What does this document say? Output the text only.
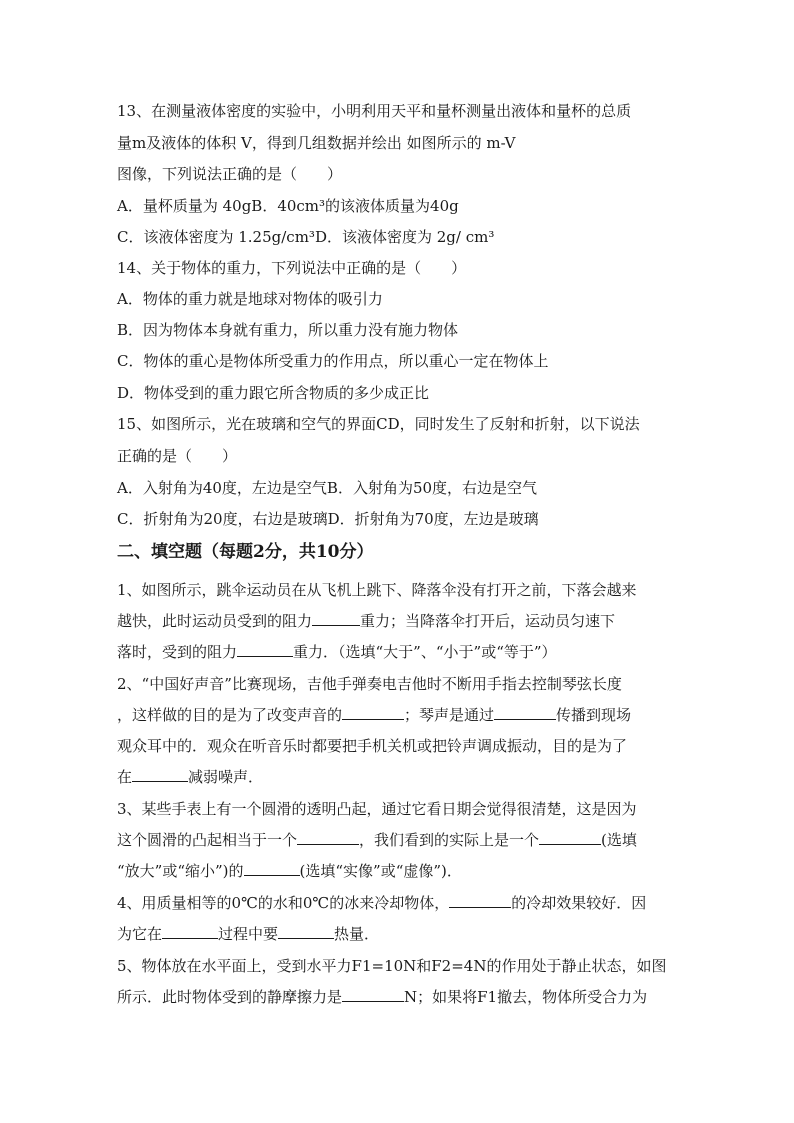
13、在测量液体密度的实验中，小明利用天平和量杯测量出液体和量杯的总质
量m及液体的体积 V，得到几组数据并绘出 如图所示的 m-V
图像，下列说法正确的是（　　）
A．量杯质量为 40gB．40cm³的该液体质量为40g
C．该液体密度为 1.25g/cm³D．该液体密度为 2g/ cm³
14、关于物体的重力，下列说法中正确的是（　　）
A．物体的重力就是地球对物体的吸引力
B．因为物体本身就有重力，所以重力没有施力物体
C．物体的重心是物体所受重力的作用点，所以重心一定在物体上
D．物体受到的重力跟它所含物质的多少成正比
15、如图所示，光在玻璃和空气的界面CD，同时发生了反射和折射，以下说法
正确的是（　　）
A．入射角为40度，左边是空气B．入射角为50度，右边是空气
C．折射角为20度，右边是玻璃D．折射角为70度，左边是玻璃
二、填空题（每题2分，共10分）
1、如图所示，跳伞运动员在从飞机上跳下、降落伞没有打开之前，下落会越来
越快，此时运动员受到的阻力	重力；当降落伞打开后，运动员匀速下
落时，受到的阻力	重力．（选填“大于”、“小于”或“等于”）
2、“中国好声音”比赛现场，吉他手弹奏电吉他时不断用手指去控制琴弦长度
，这样做的目的是为了改变声音的	；琴声是通过	传播到现场
观众耳中的．观众在听音乐时都要把手机关机或把铃声调成振动，目的是为了
在	减弱噪声．
3、某些手表上有一个圆滑的透明凸起，通过它看日期会觉得很清楚，这是因为
这个圆滑的凸起相当于一个	，我们看到的实际上是一个	(选填
“放大”或“缩小”)的	(选填“实像”或“虚像”)．
4、用质量相等的0℃的水和0℃的冰来冷却物体，	的冷却效果较好．因
为它在	过程中要	热量．
5、物体放在水平面上，受到水平力F1=10N和F2=4N的作用处于静止状态，如图
所示．此时物体受到的静摩擦力是	N；如果将F1撤去，物体所受合力为
